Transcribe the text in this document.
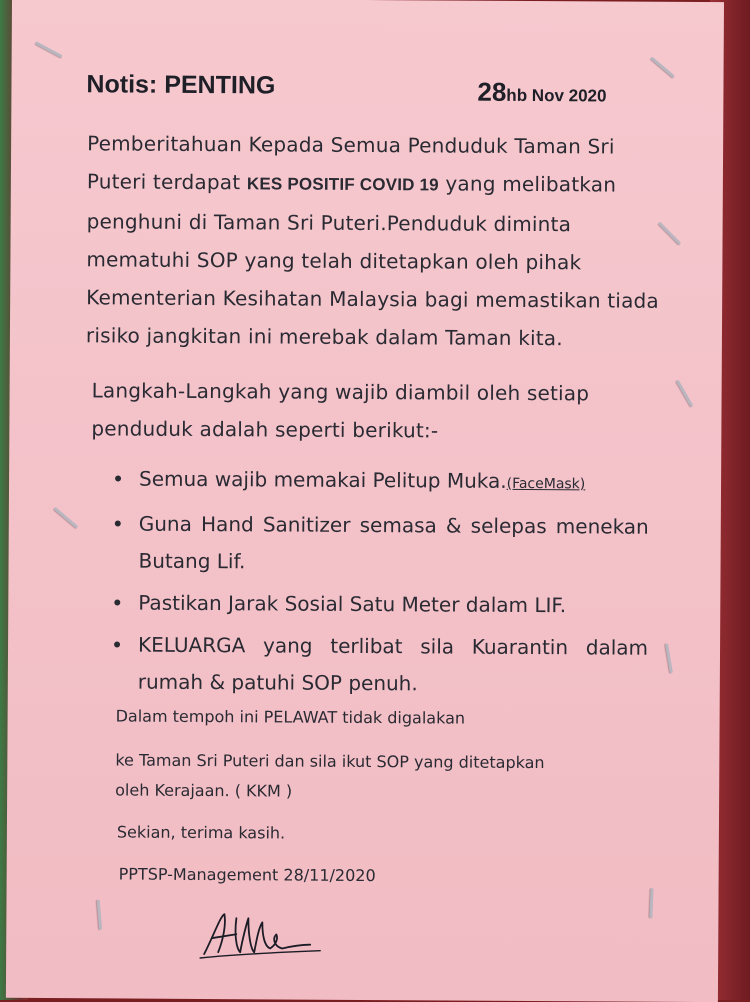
Notis: PENTING	28hb Nov 2020
Pemberitahuan Kepada Semua Penduduk Taman Sri Puteri terdapat KES POSITIF COVID 19 yang melibatkan penghuni di Taman Sri Puteri.Penduduk diminta mematuhi SOP yang telah ditetapkan oleh pihak Kementerian Kesihatan Malaysia bagi memastikan tiada risiko jangkitan ini merebak dalam Taman kita.
Langkah-Langkah yang wajib diambil oleh setiap penduduk adalah seperti berikut:-
Semua wajib memakai Pelitup Muka.(FaceMask)
Guna Hand Sanitizer semasa & selepas menekan Butang Lif.
Pastikan Jarak Sosial Satu Meter dalam LIF.
KELUARGA yang terlibat sila Kuarantin dalam rumah & patuhi SOP penuh.
Dalam tempoh ini PELAWAT tidak digalakan
ke Taman Sri Puteri dan sila ikut SOP yang ditetapkan
oleh Kerajaan. ( KKM )
Sekian, terima kasih.
PPTSP-Management 28/11/2020
